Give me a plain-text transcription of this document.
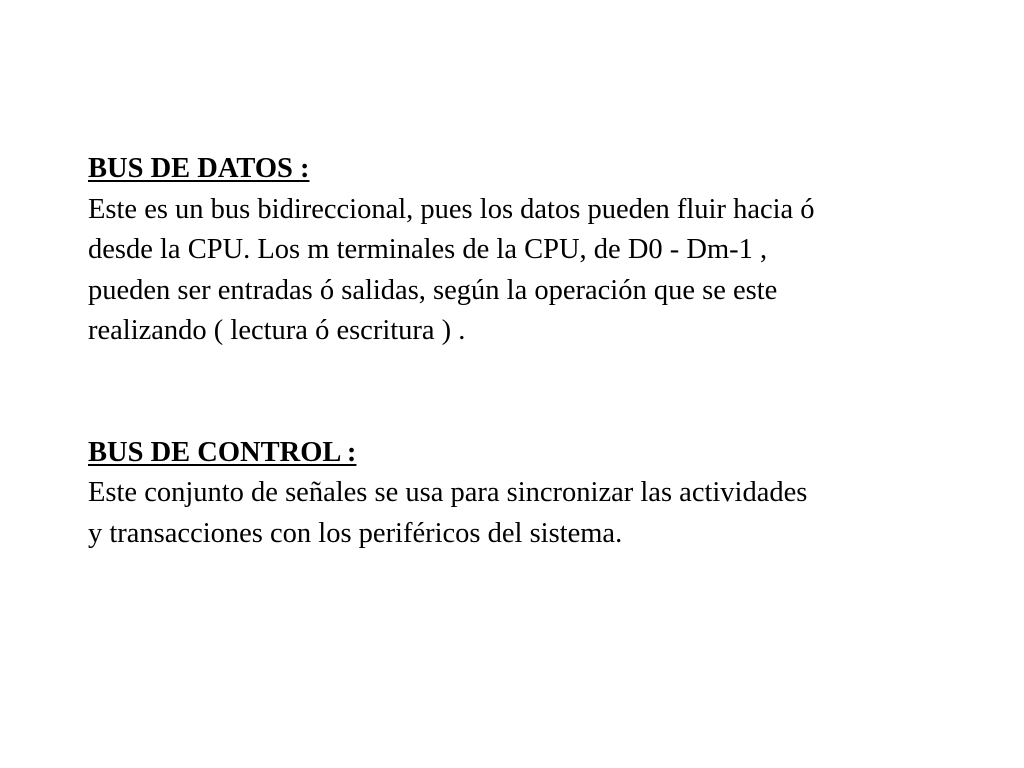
BUS DE DATOS :

Este es un bus bidireccional, pues los datos pueden fluir hacia ó

desde la CPU. Los m terminales de la CPU, de D0 - Dm-1 ,

pueden ser entradas ó salidas, según la operación que se este

realizando ( lectura ó escritura ) .

BUS DE CONTROL :

Este conjunto de señales se usa para sincronizar las actividades

y transacciones con los periféricos del sistema.
